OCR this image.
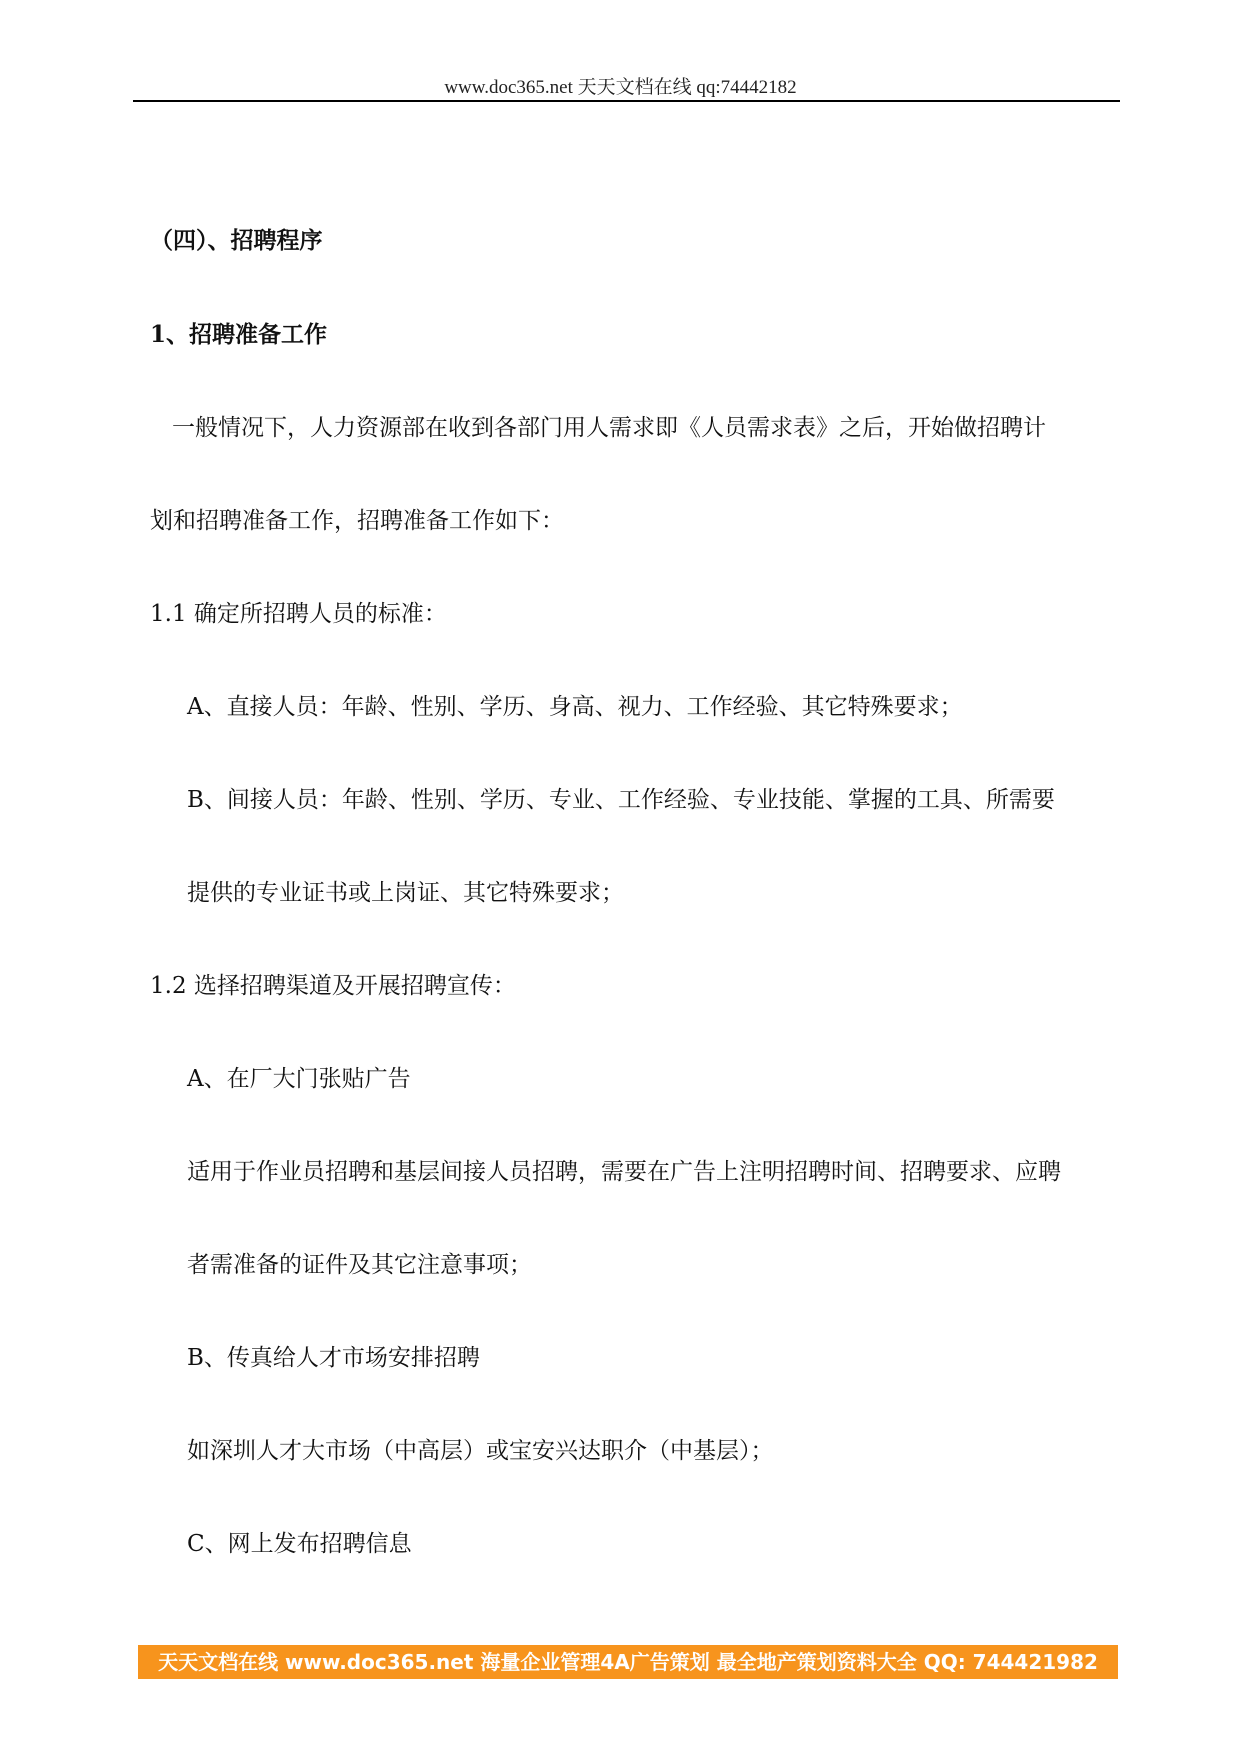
www.doc365.net 天天文档在线 qq:74442182
（四）、招聘程序
1、招聘准备工作
一般情况下，人力资源部在收到各部门用人需求即《人员需求表》之后，开始做招聘计
划和招聘准备工作，招聘准备工作如下：
1.1 确定所招聘人员的标准：
A、直接人员：年龄、性别、学历、身高、视力、工作经验、其它特殊要求；
B、间接人员：年龄、性别、学历、专业、工作经验、专业技能、掌握的工具、所需要
提供的专业证书或上岗证、其它特殊要求；
1.2 选择招聘渠道及开展招聘宣传：
A、在厂大门张贴广告
适用于作业员招聘和基层间接人员招聘，需要在广告上注明招聘时间、招聘要求、应聘
者需准备的证件及其它注意事项；
B、传真给人才市场安排招聘
如深圳人才大市场（中高层）或宝安兴达职介（中基层）；
C、网上发布招聘信息
天天文档在线 www.doc365.net 海量企业管理4A广告策划 最全地产策划资料大全 QQ: 744421982
